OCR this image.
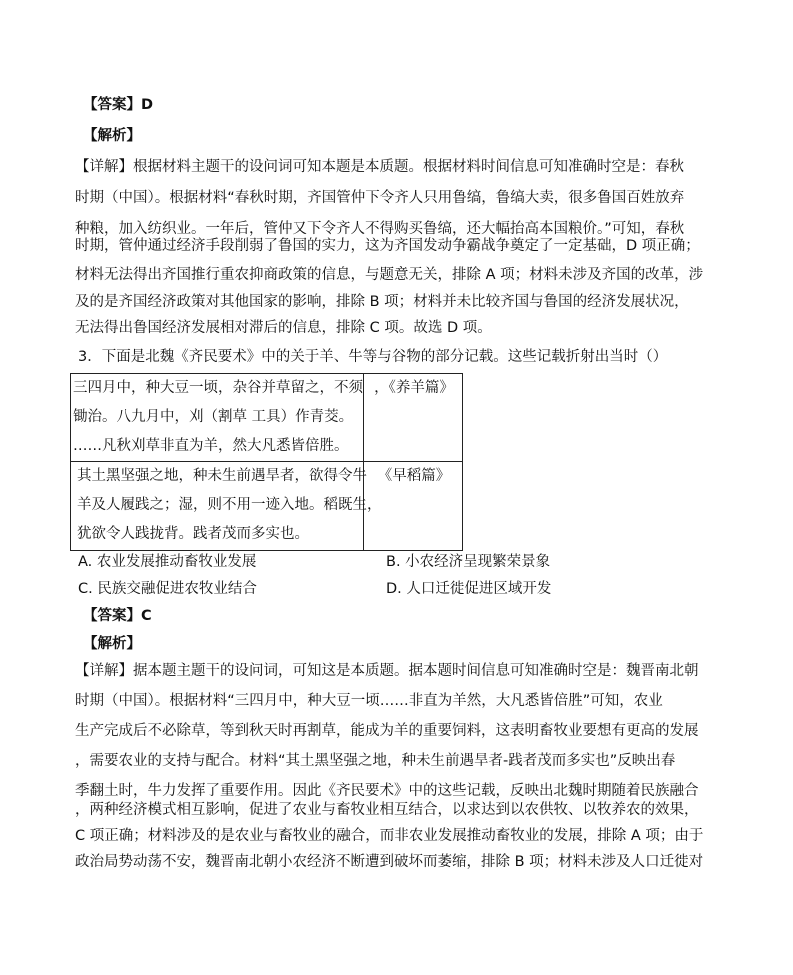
【答案】D
【解析】
【详解】根据材料主题干的设问词可知本题是本质题。根据材料时间信息可知准确时空是：春秋
时期（中国）。根据材料“春秋时期，齐国管仲下令齐人只用鲁缟，鲁缟大卖，很多鲁国百姓放弃
种粮，加入纺织业。一年后，管仲又下令齐人不得购买鲁缟，还大幅抬高本国粮价。”可知，春秋
时期，管仲通过经济手段削弱了鲁国的实力，这为齐国发动争霸战争奠定了一定基础，D 项正确；
材料无法得出齐国推行重农抑商政策的信息，与题意无关，排除 A 项；材料未涉及齐国的改革，涉
及的是齐国经济政策对其他国家的影响，排除 B 项；材料并未比较齐国与鲁国的经济发展状况，
无法得出鲁国经济发展相对滞后的信息，排除 C 项。故选 D 项。
3．下面是北魏《齐民要术》中的关于羊、牛等与谷物的部分记载。这些记载折射出当时（）
三四月中，种大豆一顷，杂谷并草留之，不须
锄治。八九月中，刈（割草 工具）作青茭。
……凡秋刈草非直为羊，然大凡悉皆倍胜。	，《养羊篇》

其土黑坚强之地，种未生前遇旱者，欲得令牛
羊及人履践之；湿，则不用一迹入地。稻既生，
犹欲令人践拢背。践者茂而多实也。	《早稻篇》
A. 农业发展推动畜牧业发展	B. 小农经济呈现繁荣景象
C. 民族交融促进农牧业结合	D. 人口迁徙促进区域开发
【答案】C
【解析】
【详解】据本题主题干的设问词，可知这是本质题。据本题时间信息可知准确时空是：魏晋南北朝
时期（中国）。根据材料“三四月中，种大豆一顷……非直为羊然，大凡悉皆倍胜”可知，农业
生产完成后不必除草，等到秋天时再割草，能成为羊的重要饲料，这表明畜牧业要想有更高的发展
，需要农业的支持与配合。材料“其土黑坚强之地，种未生前遇旱者-践者茂而多实也”反映出春
季翻土时，牛力发挥了重要作用。因此《齐民要术》中的这些记载，反映出北魏时期随着民族融合
，两种经济模式相互影响，促进了农业与畜牧业相互结合，以求达到以农供牧、以牧养农的效果，
C 项正确；材料涉及的是农业与畜牧业的融合，而非农业发展推动畜牧业的发展，排除 A 项；由于
政治局势动荡不安，魏晋南北朝小农经济不断遭到破坏而萎缩，排除 B 项；材料未涉及人口迁徙对
